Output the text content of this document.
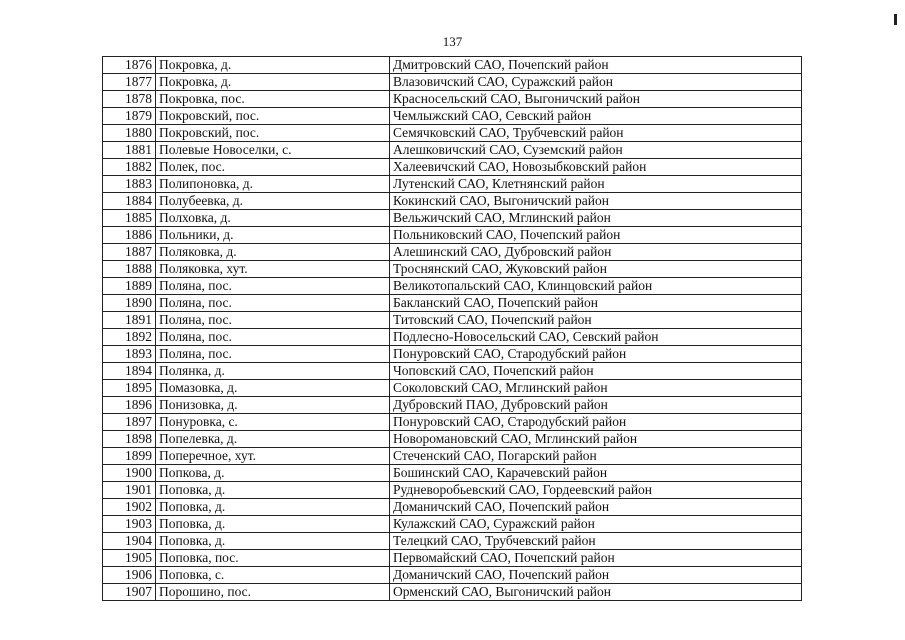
137
1876	Покровка, д.	Дмитровский САО, Почепский район
1877	Покровка, д.	Влазовичский САО, Суражский район
1878	Покровка, пос.	Красносельский САО, Выгоничский район
1879	Покровский, пос.	Чемлыжский САО, Севский район
1880	Покровский, пос.	Семячковский САО, Трубчевский район
1881	Полевые Новоселки, с.	Алешковичский САО, Суземский район
1882	Полек, пос.	Халеевичский САО, Новозыбковский район
1883	Полипоновка, д.	Лутенский САО, Клетнянский район
1884	Полубеевка, д.	Кокинский САО, Выгоничский район
1885	Полховка, д.	Вельжичский САО, Мглинский район
1886	Польники, д.	Польниковский САО, Почепский район
1887	Поляковка, д.	Алешинский САО, Дубровский район
1888	Поляковка, хут.	Троснянский САО, Жуковский район
1889	Поляна, пос.	Великотопальский САО, Клинцовский район
1890	Поляна, пос.	Бакланский САО, Почепский район
1891	Поляна, пос.	Титовский САО, Почепский район
1892	Поляна, пос.	Подлесно-Новосельский САО, Севский район
1893	Поляна, пос.	Понуровский САО, Стародубский район
1894	Полянка, д.	Чоповский САО, Почепский район
1895	Помазовка, д.	Соколовский САО, Мглинский район
1896	Понизовка, д.	Дубровский ПАО, Дубровский район
1897	Понуровка, с.	Понуровский САО, Стародубский район
1898	Попелевка, д.	Новоромановский САО, Мглинский район
1899	Поперечное, хут.	Стеченский САО, Погарский район
1900	Попкова, д.	Бошинский САО, Карачевский район
1901	Поповка, д.	Рудневоробьевский САО, Гордеевский район
1902	Поповка, д.	Доманичский САО, Почепский район
1903	Поповка, д.	Кулажский САО, Суражский район
1904	Поповка, д.	Телецкий САО, Трубчевский район
1905	Поповка, пос.	Первомайский САО, Почепский район
1906	Поповка, с.	Доманичский САО, Почепский район
1907	Порошино, пос.	Орменский САО, Выгоничский район
